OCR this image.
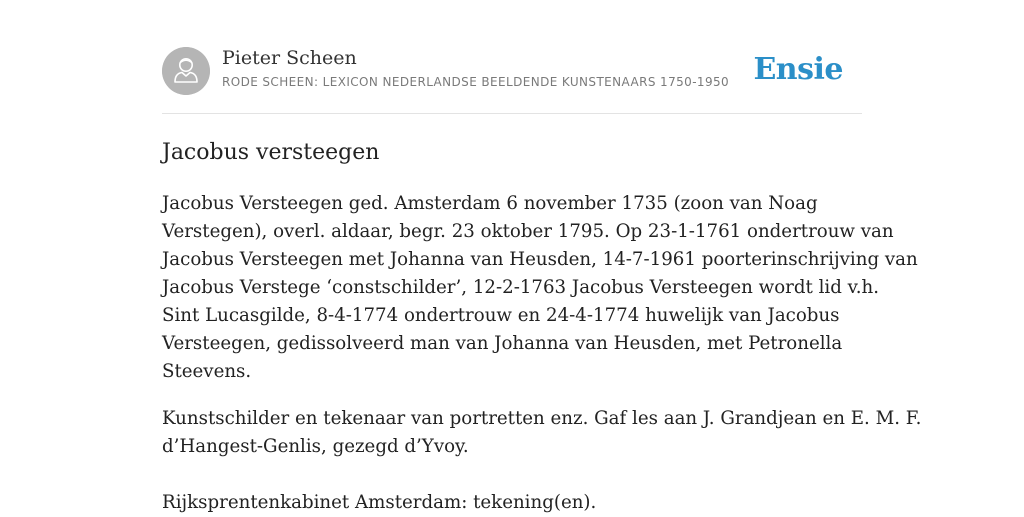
Pieter Scheen
RODE SCHEEN: LEXICON NEDERLANDSE BEELDENDE KUNSTENAARS 1750-1950 Ensie
Jacobus versteegen

Jacobus Versteegen ged. Amsterdam 6 november 1735 (zoon van Noag
Verstegen), overl. aldaar, begr. 23 oktober 1795. Op 23-1-1761 ondertrouw van
Jacobus Versteegen met Johanna van Heusden, 14-7-1961 poorterinschrijving van
Jacobus Verstege ‘constschilder’, 12-2-1763 Jacobus Versteegen wordt lid v.h.
Sint Lucasgilde, 8-4-1774 ondertrouw en 24-4-1774 huwelijk van Jacobus
Versteegen, gedissolveerd man van Johanna van Heusden, met Petronella
Steevens.

Kunstschilder en tekenaar van portretten enz. Gaf les aan J. Grandjean en E. M. F.
d’Hangest-Genlis, gezegd d’Yvoy.

Rijksprentenkabinet Amsterdam: tekening(en).
